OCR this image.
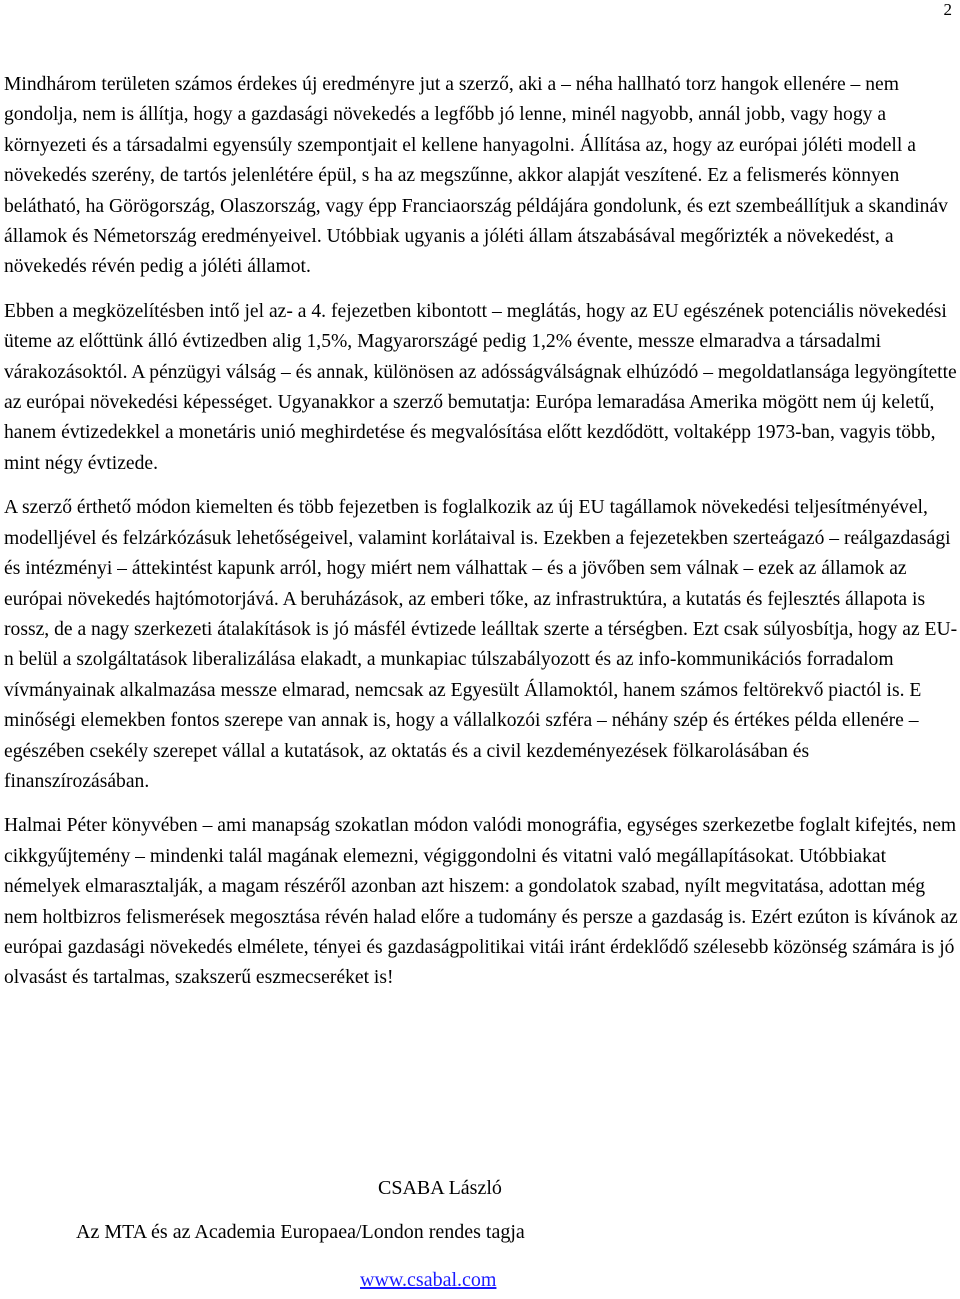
2

Mindhárom területen számos érdekes új eredményre jut a szerző, aki a – néha hallható torz hangok ellenére – nem gondolja, nem is állítja, hogy a gazdasági növekedés a legfőbb jó lenne, minél nagyobb, annál jobb, vagy hogy a környezeti és a társadalmi egyensúly szempontjait el kellene hanyagolni. Állítása az, hogy az európai jóléti modell a növekedés szerény, de tartós jelenlétére épül, s ha az megszűnne, akkor alapját veszítené. Ez a felismerés könnyen belátható, ha Görögország, Olaszország, vagy épp Franciaország példájára gondolunk, és ezt szembeállítjuk a skandináv államok és Németország eredményeivel. Utóbbiak ugyanis a jóléti állam átszabásával megőrizték a növekedést, a növekedés révén pedig a jóléti államot.

Ebben a megközelítésben intő jel az- a 4. fejezetben kibontott – meglátás, hogy az EU egészének potenciális növekedési üteme az előttünk álló évtizedben alig 1,5%, Magyarországé pedig 1,2% évente, messze elmaradva a társadalmi várakozásoktól. A pénzügyi válság – és annak, különösen az adósságválságnak elhúzódó – megoldatlansága legyöngítette az európai növekedési képességet. Ugyanakkor a szerző bemutatja: Európa lemaradása Amerika mögött nem új keletű, hanem évtizedekkel a monetáris unió meghirdetése és megvalósítása előtt kezdődött, voltaképp 1973-ban, vagyis több, mint négy évtizede.

A szerző érthető módon kiemelten és több fejezetben is foglalkozik az új EU tagállamok növekedési teljesítményével, modelljével és felzárkózásuk lehetőségeivel, valamint korlátaival is. Ezekben a fejezetekben szerteágazó – reálgazdasági és intézményi – áttekintést kapunk arról, hogy miért nem válhattak – és a jövőben sem válnak – ezek az államok az európai növekedés hajtómotorjává. A beruházások, az emberi tőke, az infrastruktúra, a kutatás és fejlesztés állapota is rossz, de a nagy szerkezeti átalakítások is jó másfél évtizede leálltak szerte a térségben. Ezt csak súlyosbítja, hogy az EU-n belül a szolgáltatások liberalizálása elakadt, a munkapiac túlszabályozott és az info-kommunikációs forradalom vívmányainak alkalmazása messze elmarad, nemcsak az Egyesült Államoktól, hanem számos feltörekvő piactól is. E minőségi elemekben fontos szerepe van annak is, hogy a vállalkozói szféra – néhány szép és értékes példa ellenére – egészében csekély szerepet vállal a kutatások, az oktatás és a civil kezdeményezések fölkarolásában és finanszírozásában.

Halmai Péter könyvében – ami manapság szokatlan módon valódi monográfia, egységes szerkezetbe foglalt kifejtés, nem cikkgyűjtemény – mindenki talál magának elemezni, végiggondolni és vitatni való megállapításokat. Utóbbiakat némelyek elmarasztalják, a magam részéről azonban azt hiszem: a gondolatok szabad, nyílt megvitatása, adottan még nem holtbizros felismerések megosztása révén halad előre a tudomány és persze a gazdaság is. Ezért ezúton is kívánok az európai gazdasági növekedés elmélete, tényei és gazdaságpolitikai vitái iránt érdeklődő szélesebb közönség számára is jó olvasást és tartalmas, szakszerű eszmecseréket is!

CSABA László
Az MTA és az Academia Europaea/London rendes tagja
www.csabal.com
